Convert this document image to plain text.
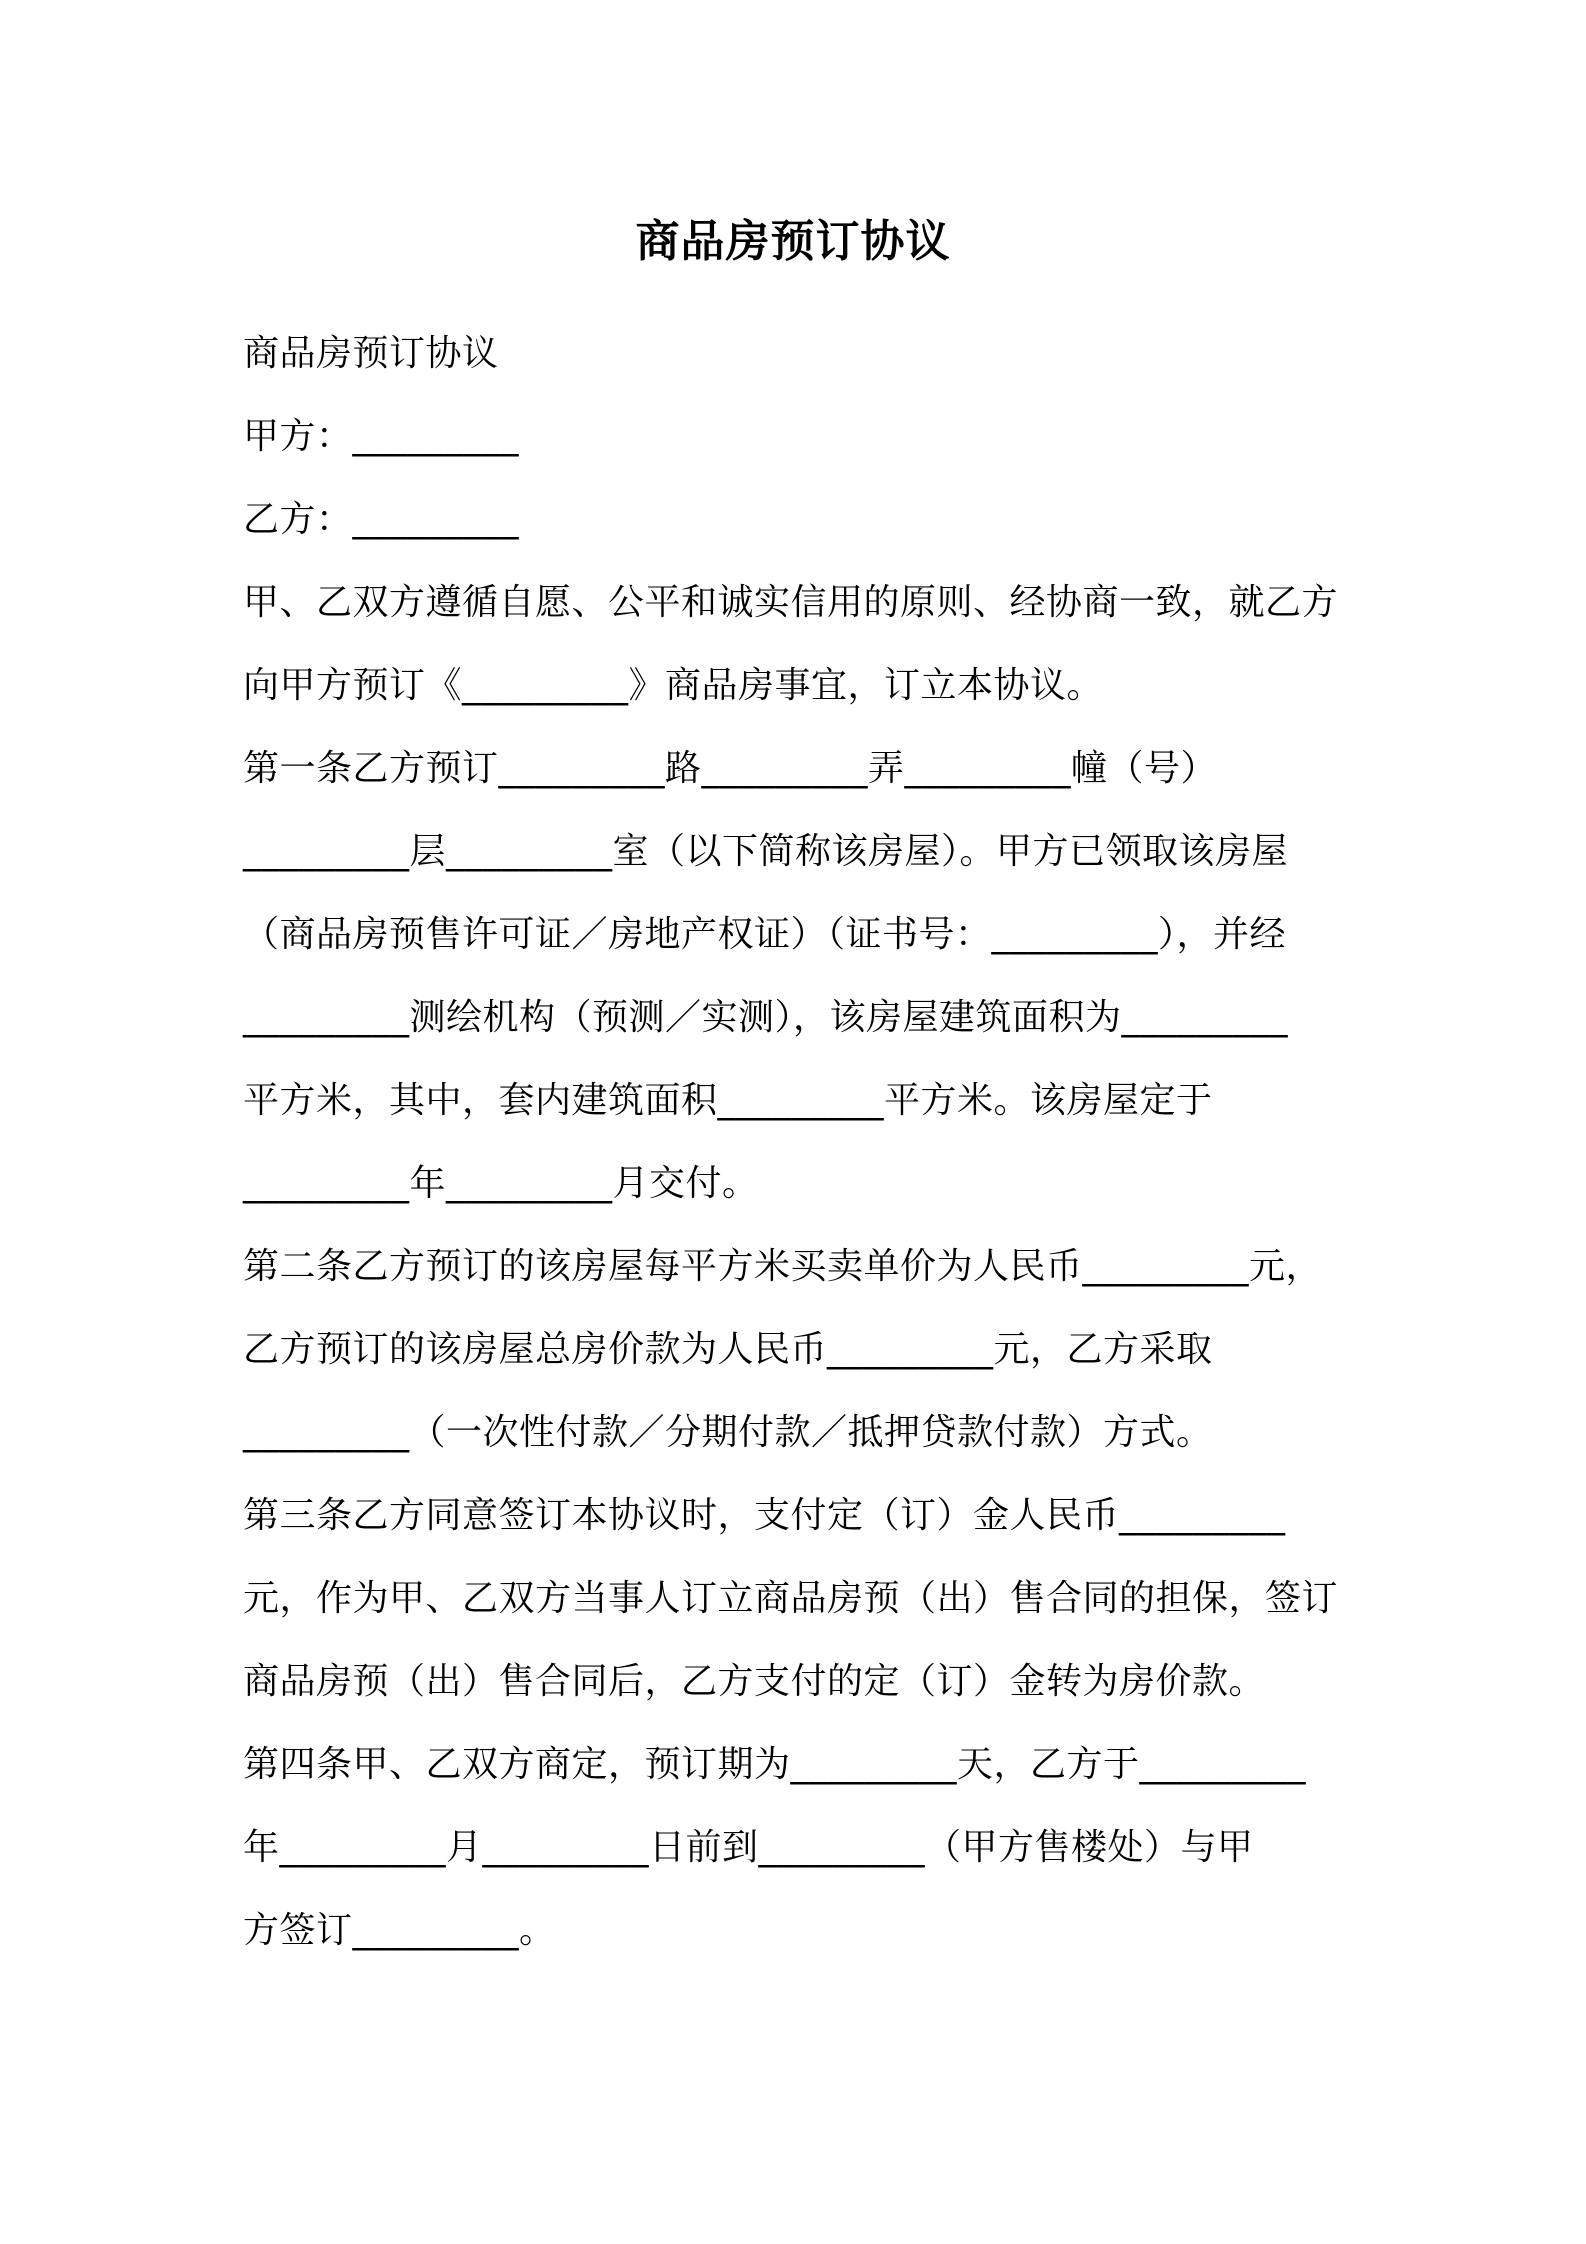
商品房预订协议
商品房预订协议
甲方：_________
乙方：_________
甲、乙双方遵循自愿、公平和诚实信用的原则、经协商一致，就乙方
向甲方预订《_________》商品房事宜，订立本协议。
第一条乙方预订_________路_________弄_________幢（号）
_________层_________室（以下简称该房屋）。甲方已领取该房屋
（商品房预售许可证／房地产权证）（证书号：_________），并经
_________测绘机构（预测／实测），该房屋建筑面积为_________
平方米，其中，套内建筑面积_________平方米。该房屋定于
_________年_________月交付。
第二条乙方预订的该房屋每平方米买卖单价为人民币_________元，
乙方预订的该房屋总房价款为人民币_________元，乙方采取
_________（一次性付款／分期付款／抵押贷款付款）方式。
第三条乙方同意签订本协议时，支付定（订）金人民币_________
元，作为甲、乙双方当事人订立商品房预（出）售合同的担保，签订
商品房预（出）售合同后，乙方支付的定（订）金转为房价款。
第四条甲、乙双方商定，预订期为_________天，乙方于_________
年_________月_________日前到_________（甲方售楼处）与甲
方签订_________。
